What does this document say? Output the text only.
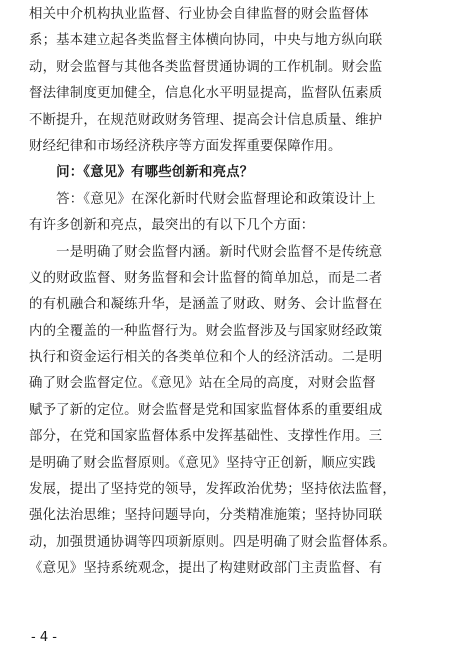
相关中介机构执业监督、行业协会自律监督的财会监督体
系；基本建立起各类监督主体横向协同，中央与地方纵向联
动，财会监督与其他各类监督贯通协调的工作机制。财会监
督法律制度更加健全，信息化水平明显提高，监督队伍素质
不断提升，在规范财政财务管理、提高会计信息质量、维护
财经纪律和市场经济秩序等方面发挥重要保障作用。
　　问：《意见》有哪些创新和亮点？
　　答：《意见》在深化新时代财会监督理论和政策设计上
有许多创新和亮点，最突出的有以下几个方面：
　　一是明确了财会监督内涵。新时代财会监督不是传统意
义的财政监督、财务监督和会计监督的简单加总，而是二者
的有机融合和凝练升华，是涵盖了财政、财务、会计监督在
内的全覆盖的一种监督行为。财会监督涉及与国家财经政策
执行和资金运行相关的各类单位和个人的经济活动。二是明
确了财会监督定位。《意见》站在全局的高度，对财会监督
赋予了新的定位。财会监督是党和国家监督体系的重要组成
部分，在党和国家监督体系中发挥基础性、支撑性作用。三
是明确了财会监督原则。《意见》坚持守正创新，顺应实践
发展，提出了坚持党的领导，发挥政治优势；坚持依法监督，
强化法治思维；坚持问题导向，分类精准施策；坚持协同联
动，加强贯通协调等四项新原则。四是明确了财会监督体系。
《意见》坚持系统观念，提出了构建财政部门主责监督、有
- 4 -
